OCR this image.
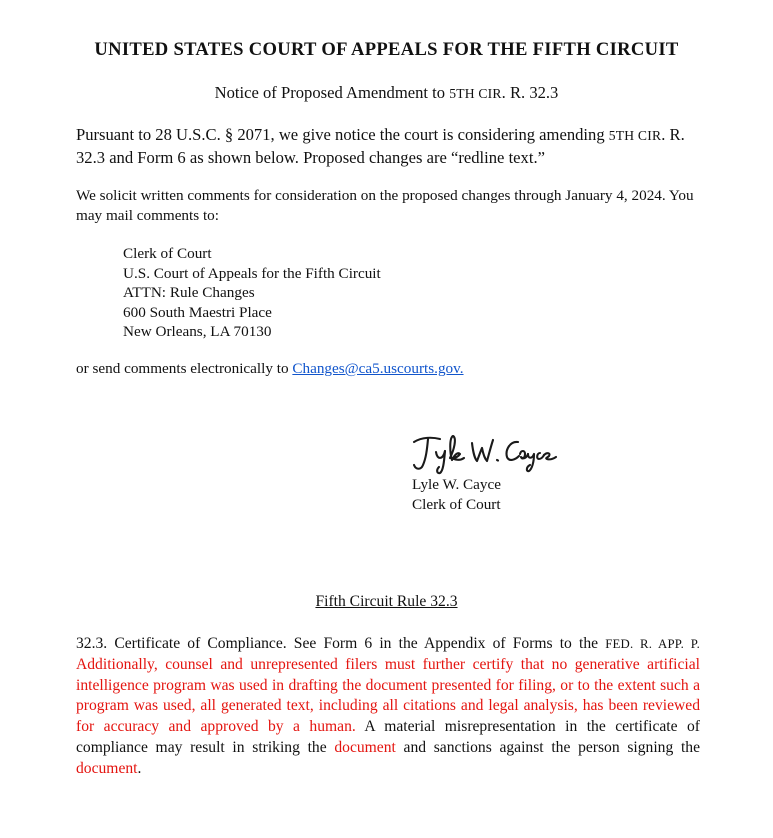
UNITED STATES COURT OF APPEALS FOR THE FIFTH CIRCUIT
Notice of Proposed Amendment to 5TH CIR. R. 32.3
Pursuant to 28 U.S.C. § 2071, we give notice the court is considering amending 5TH CIR. R. 32.3 and Form 6 as shown below. Proposed changes are “redline text.”
We solicit written comments for consideration on the proposed changes through January 4, 2024. You may mail comments to:
Clerk of Court
U.S. Court of Appeals for the Fifth Circuit
ATTN: Rule Changes
600 South Maestri Place
New Orleans, LA 70130
or send comments electronically to Changes@ca5.uscourts.gov.
Lyle W. Cayce
Clerk of Court
Fifth Circuit Rule 32.3
32.3. Certificate of Compliance. See Form 6 in the Appendix of Forms to the FED. R. APP. P. Additionally, counsel and unrepresented filers must further certify that no generative artificial intelligence program was used in drafting the document presented for filing, or to the extent such a program was used, all generated text, including all citations and legal analysis, has been reviewed for accuracy and approved by a human. A material misrepresentation in the certificate of compliance may result in striking the document and sanctions against the person signing the document.
